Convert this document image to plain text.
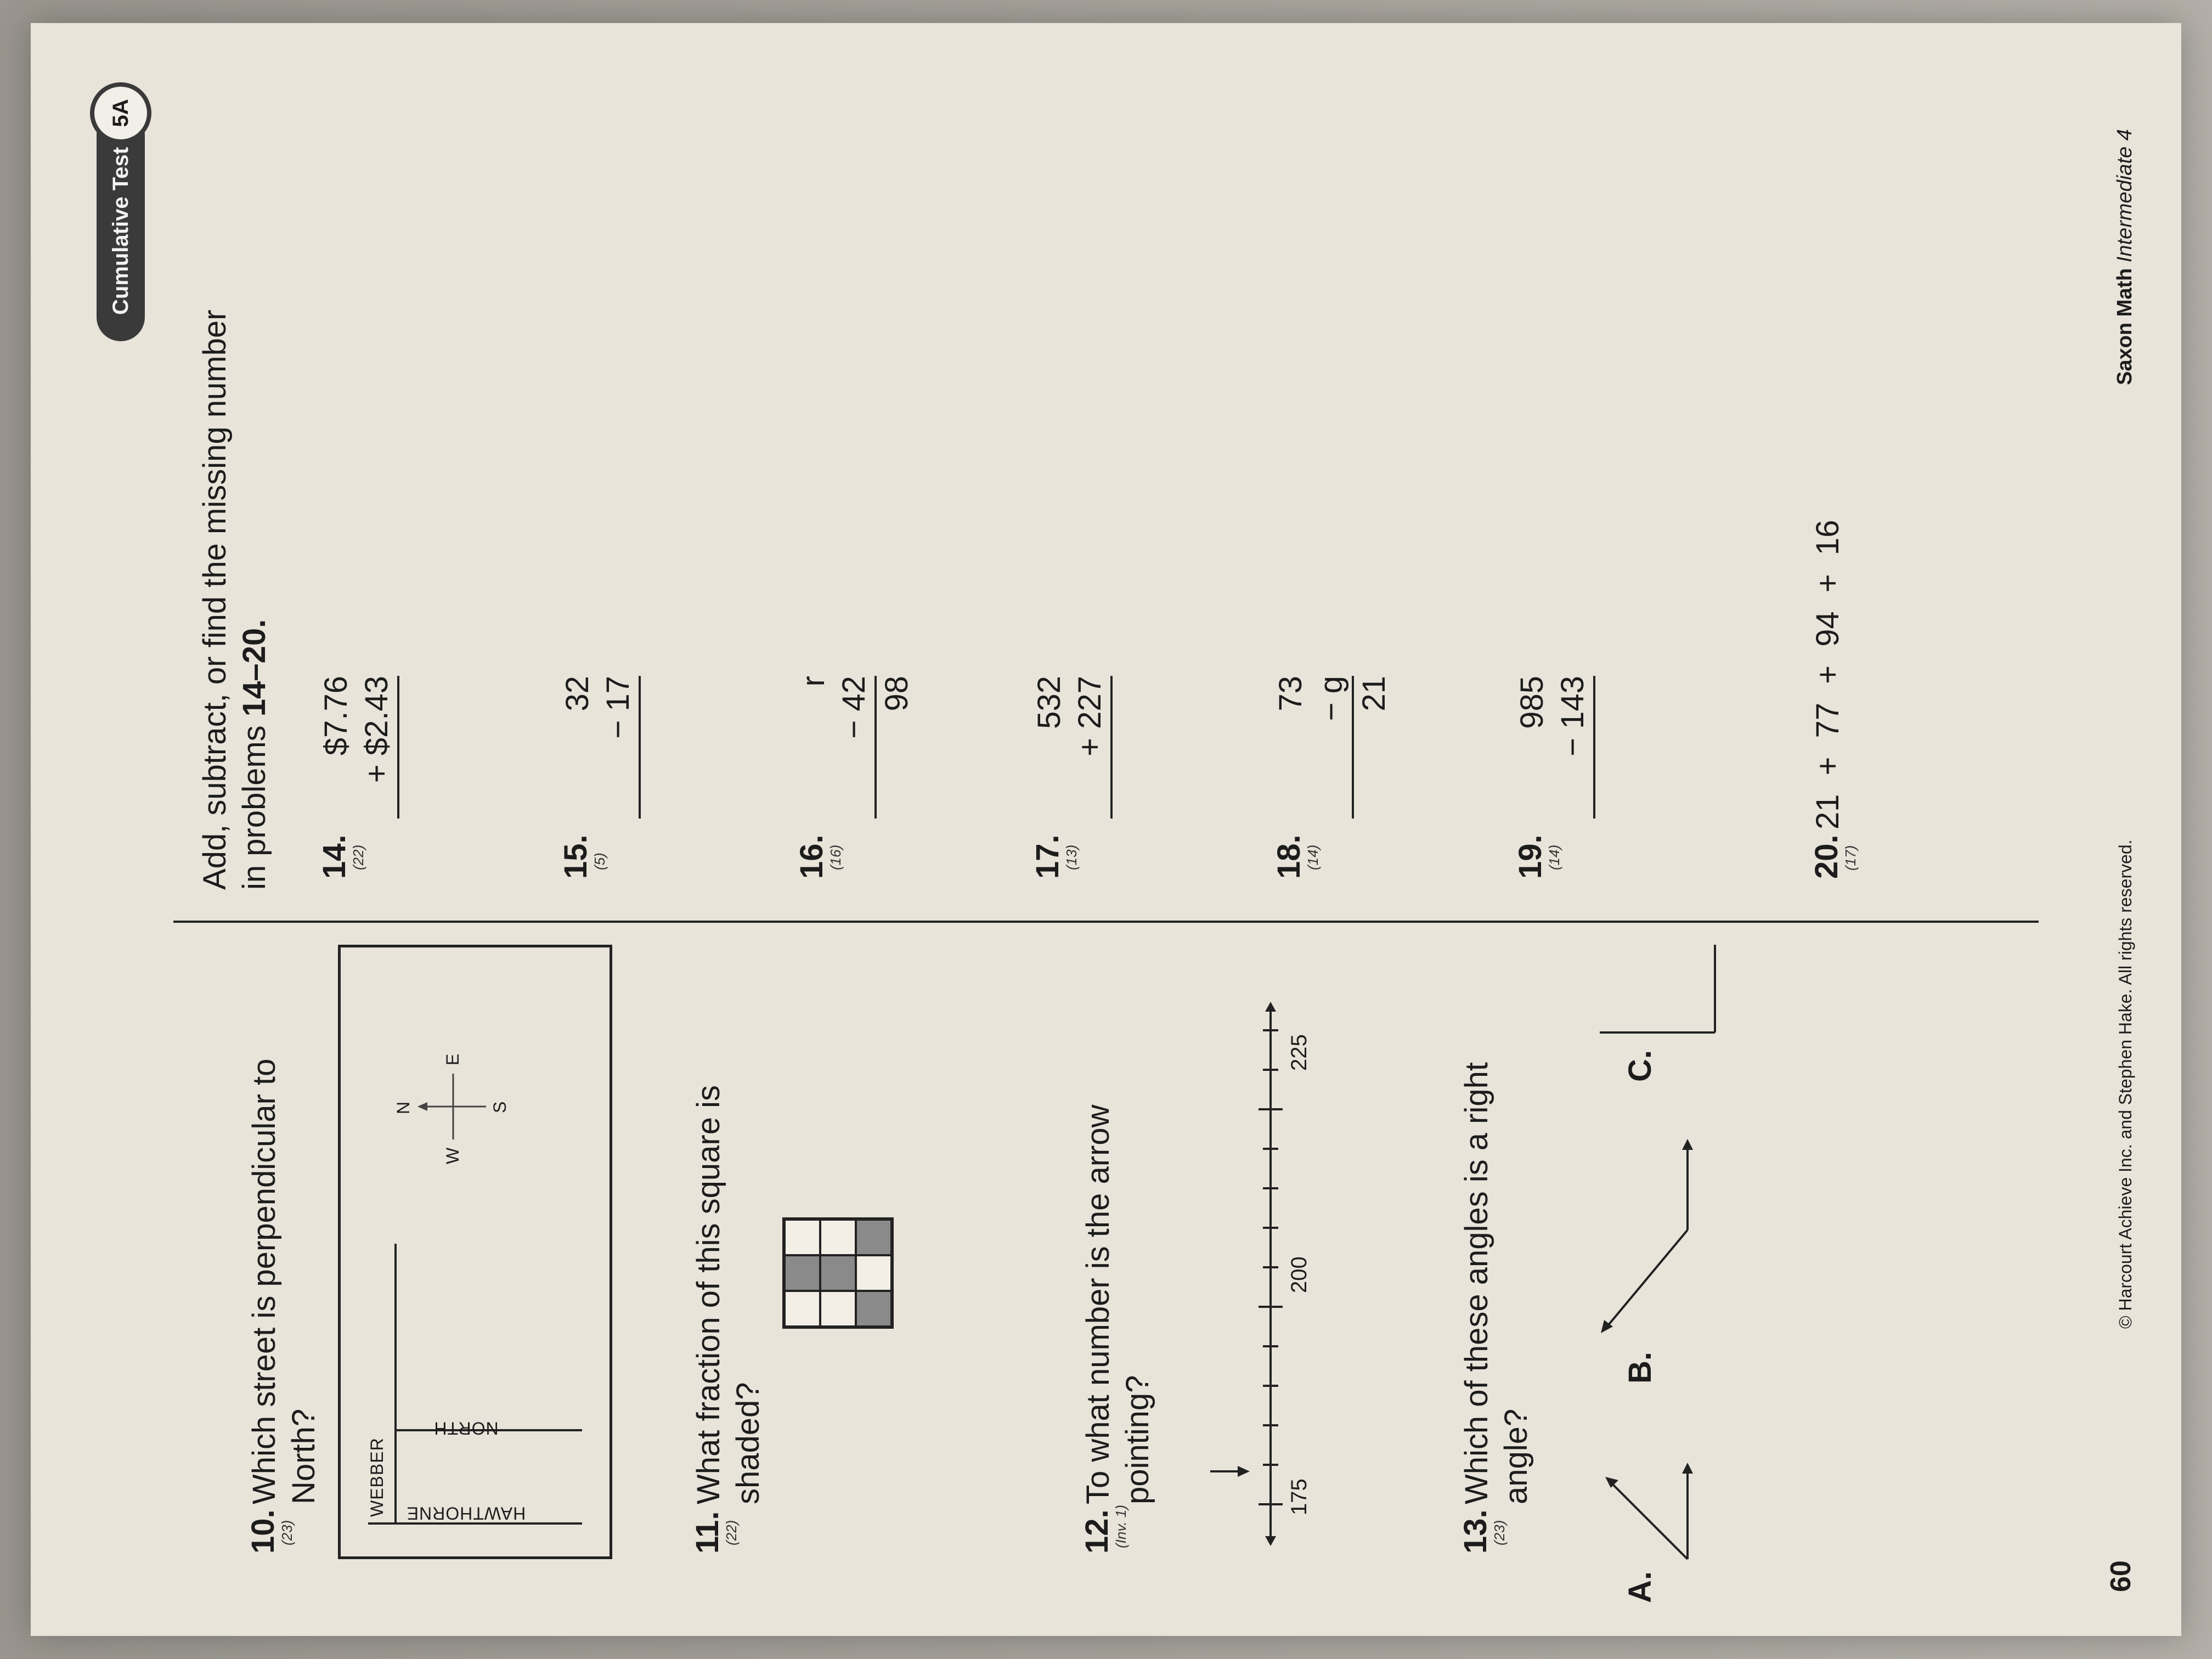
Cumulative Test
5A
10.
(23)
Which street is perpendicular to North?	WEBBER HAWTHORNE
NORTH
N
E
S
W
11.
(22)
What fraction of this square is shaded?
12.
(Inv. 1)
To what number is the arrow pointing?	175
200
225
13.
(23)
Which of these angles is a right angle?
A.
B.
C.
Add, subtract, or find the missing number in problems 14–20.
14.
(22)
$7.76 + $2.43
15.
(5)
32 − 17
16.
(16)
r − 42 98
17.
(13)
532 + 227
18.
(14)
73 − g 21
19.
(14)
985 − 143
20.
(17)
21 + 77 + 94 + 16
60
© Harcourt Achieve Inc. and Stephen Hake. All rights reserved.
Saxon Math Intermediate 4
